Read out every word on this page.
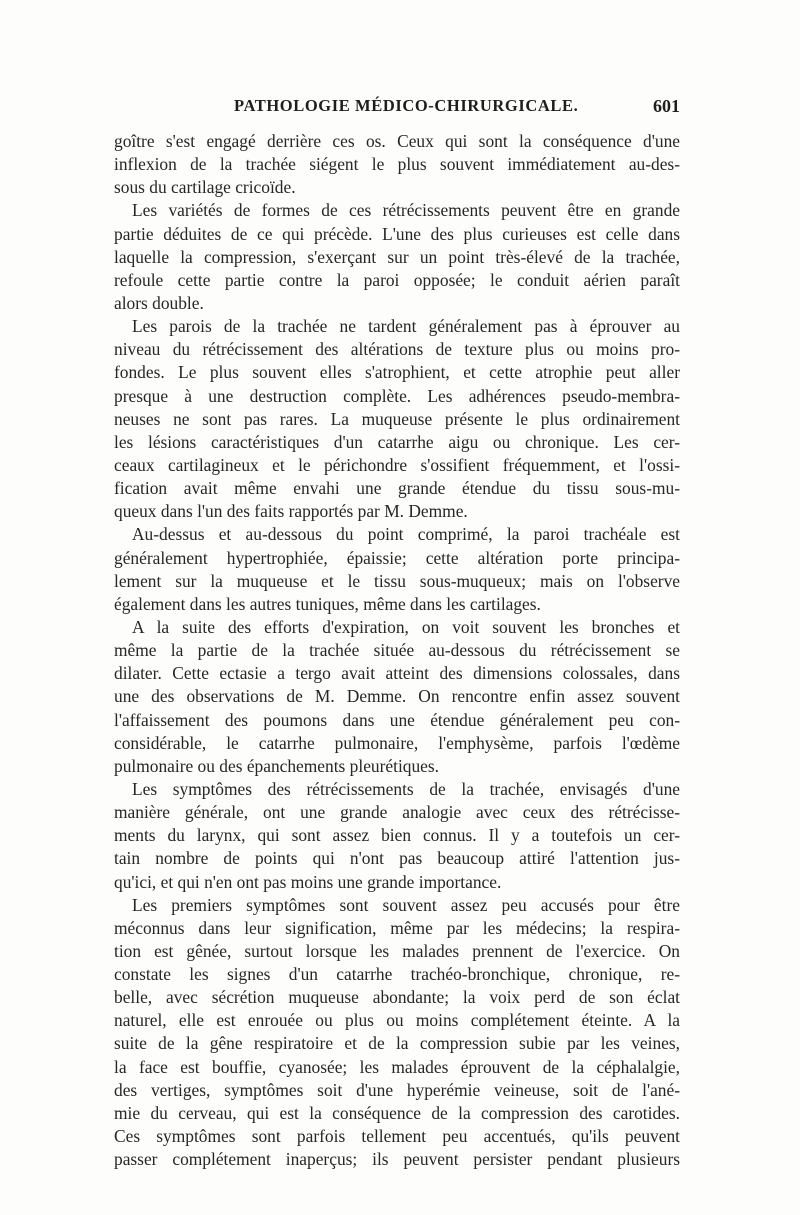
PATHOLOGIE MÉDICO-CHIRURGICALE.	601
goître s'est engagé derrière ces os. Ceux qui sont la conséquence d'une
inflexion de la trachée siégent le plus souvent immédiatement au-des-
sous du cartilage cricoïde.
Les variétés de formes de ces rétrécissements peuvent être en grande
partie déduites de ce qui précède. L'une des plus curieuses est celle dans
laquelle la compression, s'exerçant sur un point très-élevé de la trachée,
refoule cette partie contre la paroi opposée; le conduit aérien paraît
alors double.
Les parois de la trachée ne tardent généralement pas à éprouver au
niveau du rétrécissement des altérations de texture plus ou moins pro-
fondes. Le plus souvent elles s'atrophient, et cette atrophie peut aller
presque à une destruction complète. Les adhérences pseudo-membra-
neuses ne sont pas rares. La muqueuse présente le plus ordinairement
les lésions caractéristiques d'un catarrhe aigu ou chronique. Les cer-
ceaux cartilagineux et le périchondre s'ossifient fréquemment, et l'ossi-
fication avait même envahi une grande étendue du tissu sous-mu-
queux dans l'un des faits rapportés par M. Demme.
Au-dessus et au-dessous du point comprimé, la paroi trachéale est
généralement hypertrophiée, épaissie; cette altération porte principa-
lement sur la muqueuse et le tissu sous-muqueux; mais on l'observe
également dans les autres tuniques, même dans les cartilages.
A la suite des efforts d'expiration, on voit souvent les bronches et
même la partie de la trachée située au-dessous du rétrécissement se
dilater. Cette ectasie a tergo avait atteint des dimensions colossales, dans
une des observations de M. Demme. On rencontre enfin assez souvent
l'affaissement des poumons dans une étendue généralement peu con-
considérable, le catarrhe pulmonaire, l'emphysème, parfois l'œdème
pulmonaire ou des épanchements pleurétiques.
Les symptômes des rétrécissements de la trachée, envisagés d'une
manière générale, ont une grande analogie avec ceux des rétrécisse-
ments du larynx, qui sont assez bien connus. Il y a toutefois un cer-
tain nombre de points qui n'ont pas beaucoup attiré l'attention jus-
qu'ici, et qui n'en ont pas moins une grande importance.
Les premiers symptômes sont souvent assez peu accusés pour être
méconnus dans leur signification, même par les médecins; la respira-
tion est gênée, surtout lorsque les malades prennent de l'exercice. On
constate les signes d'un catarrhe trachéo-bronchique, chronique, re-
belle, avec sécrétion muqueuse abondante; la voix perd de son éclat
naturel, elle est enrouée ou plus ou moins complétement éteinte. A la
suite de la gêne respiratoire et de la compression subie par les veines,
la face est bouffie, cyanosée; les malades éprouvent de la céphalalgie,
des vertiges, symptômes soit d'une hyperémie veineuse, soit de l'ané-
mie du cerveau, qui est la conséquence de la compression des carotides.
Ces symptômes sont parfois tellement peu accentués, qu'ils peuvent
passer complétement inaperçus; ils peuvent persister pendant plusieurs
